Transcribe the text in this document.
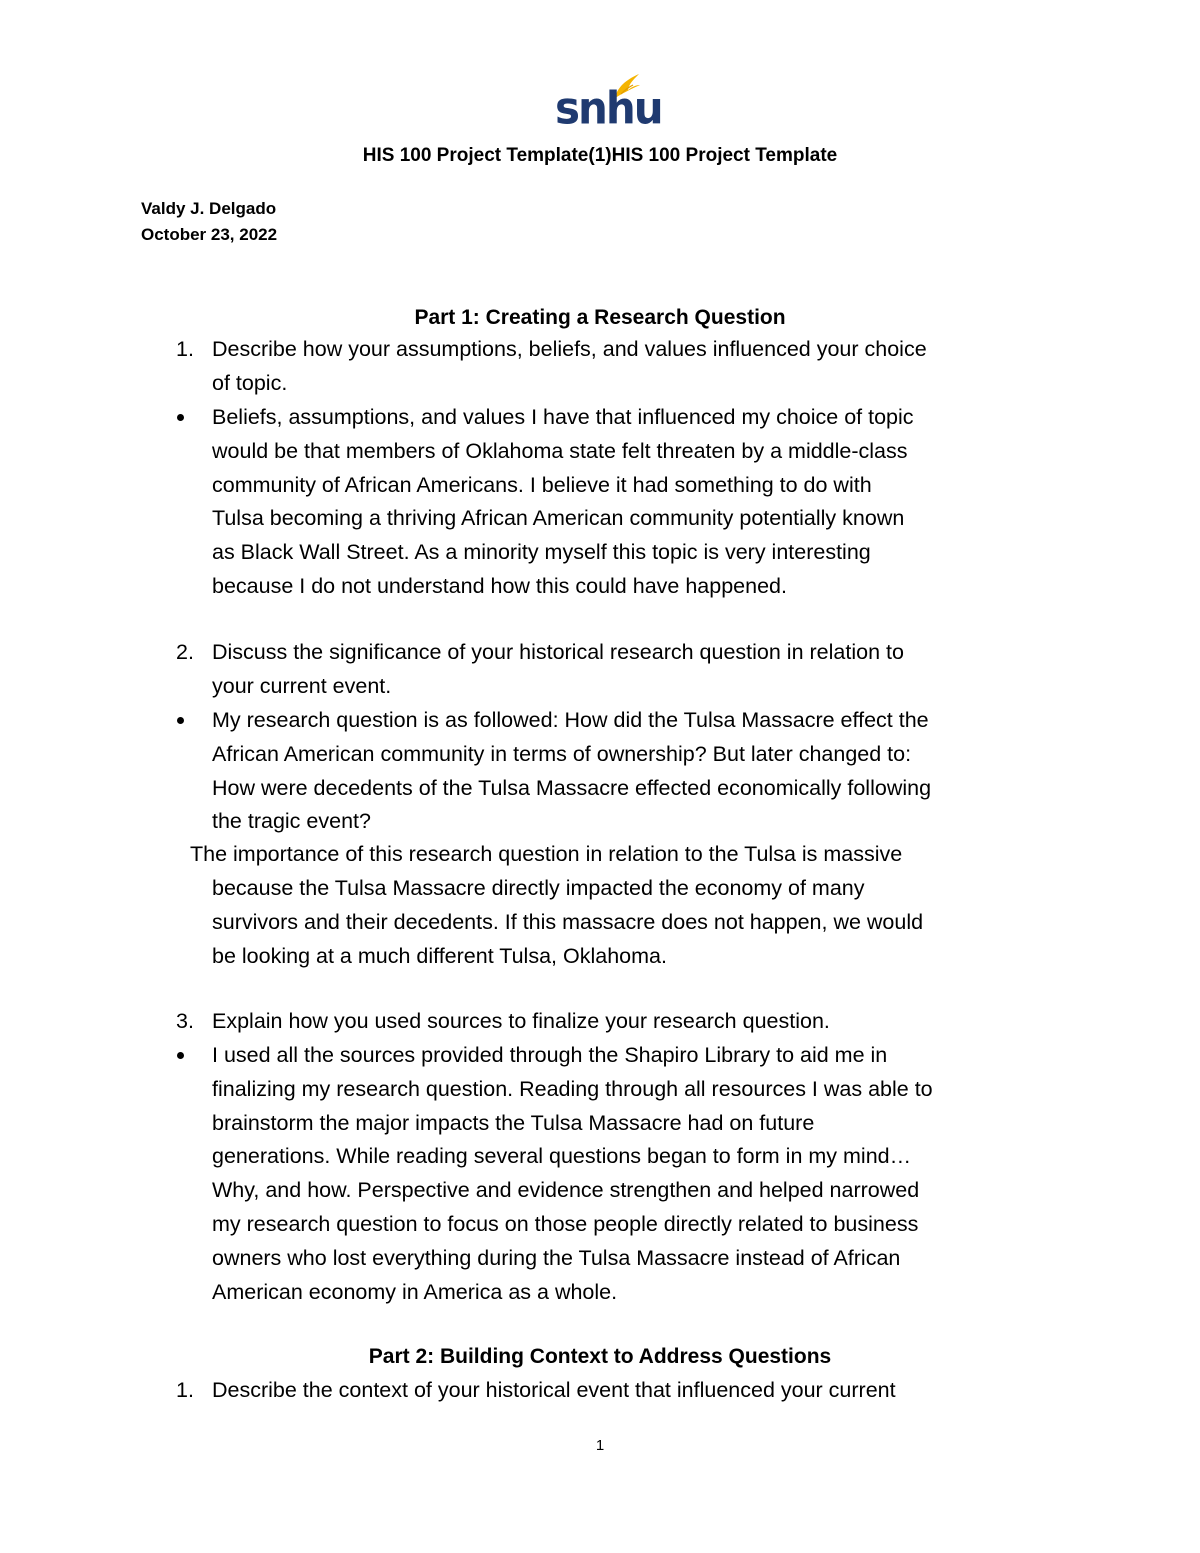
snhu
HIS 100 Project Template(1)HIS 100 Project Template
Valdy J. Delgado
October 23, 2022
Part 1: Creating a Research Question
1. Describe how your assumptions, beliefs, and values influenced your choice
of topic.
Beliefs, assumptions, and values I have that influenced my choice of topic
would be that members of Oklahoma state felt threaten by a middle-class
community of African Americans. I believe it had something to do with
Tulsa becoming a thriving African American community potentially known
as Black Wall Street. As a minority myself this topic is very interesting
because I do not understand how this could have happened.
2. Discuss the significance of your historical research question in relation to
your current event.
My research question is as followed: How did the Tulsa Massacre effect the
African American community in terms of ownership? But later changed to:
How were decedents of the Tulsa Massacre effected economically following
the tragic event?
The importance of this research question in relation to the Tulsa is massive
because the Tulsa Massacre directly impacted the economy of many
survivors and their decedents. If this massacre does not happen, we would
be looking at a much different Tulsa, Oklahoma.
3. Explain how you used sources to finalize your research question.
I used all the sources provided through the Shapiro Library to aid me in
finalizing my research question. Reading through all resources I was able to
brainstorm the major impacts the Tulsa Massacre had on future
generations. While reading several questions began to form in my mind…
Why, and how. Perspective and evidence strengthen and helped narrowed
my research question to focus on those people directly related to business
owners who lost everything during the Tulsa Massacre instead of African
American economy in America as a whole.
Part 2: Building Context to Address Questions
1. Describe the context of your historical event that influenced your current
1
